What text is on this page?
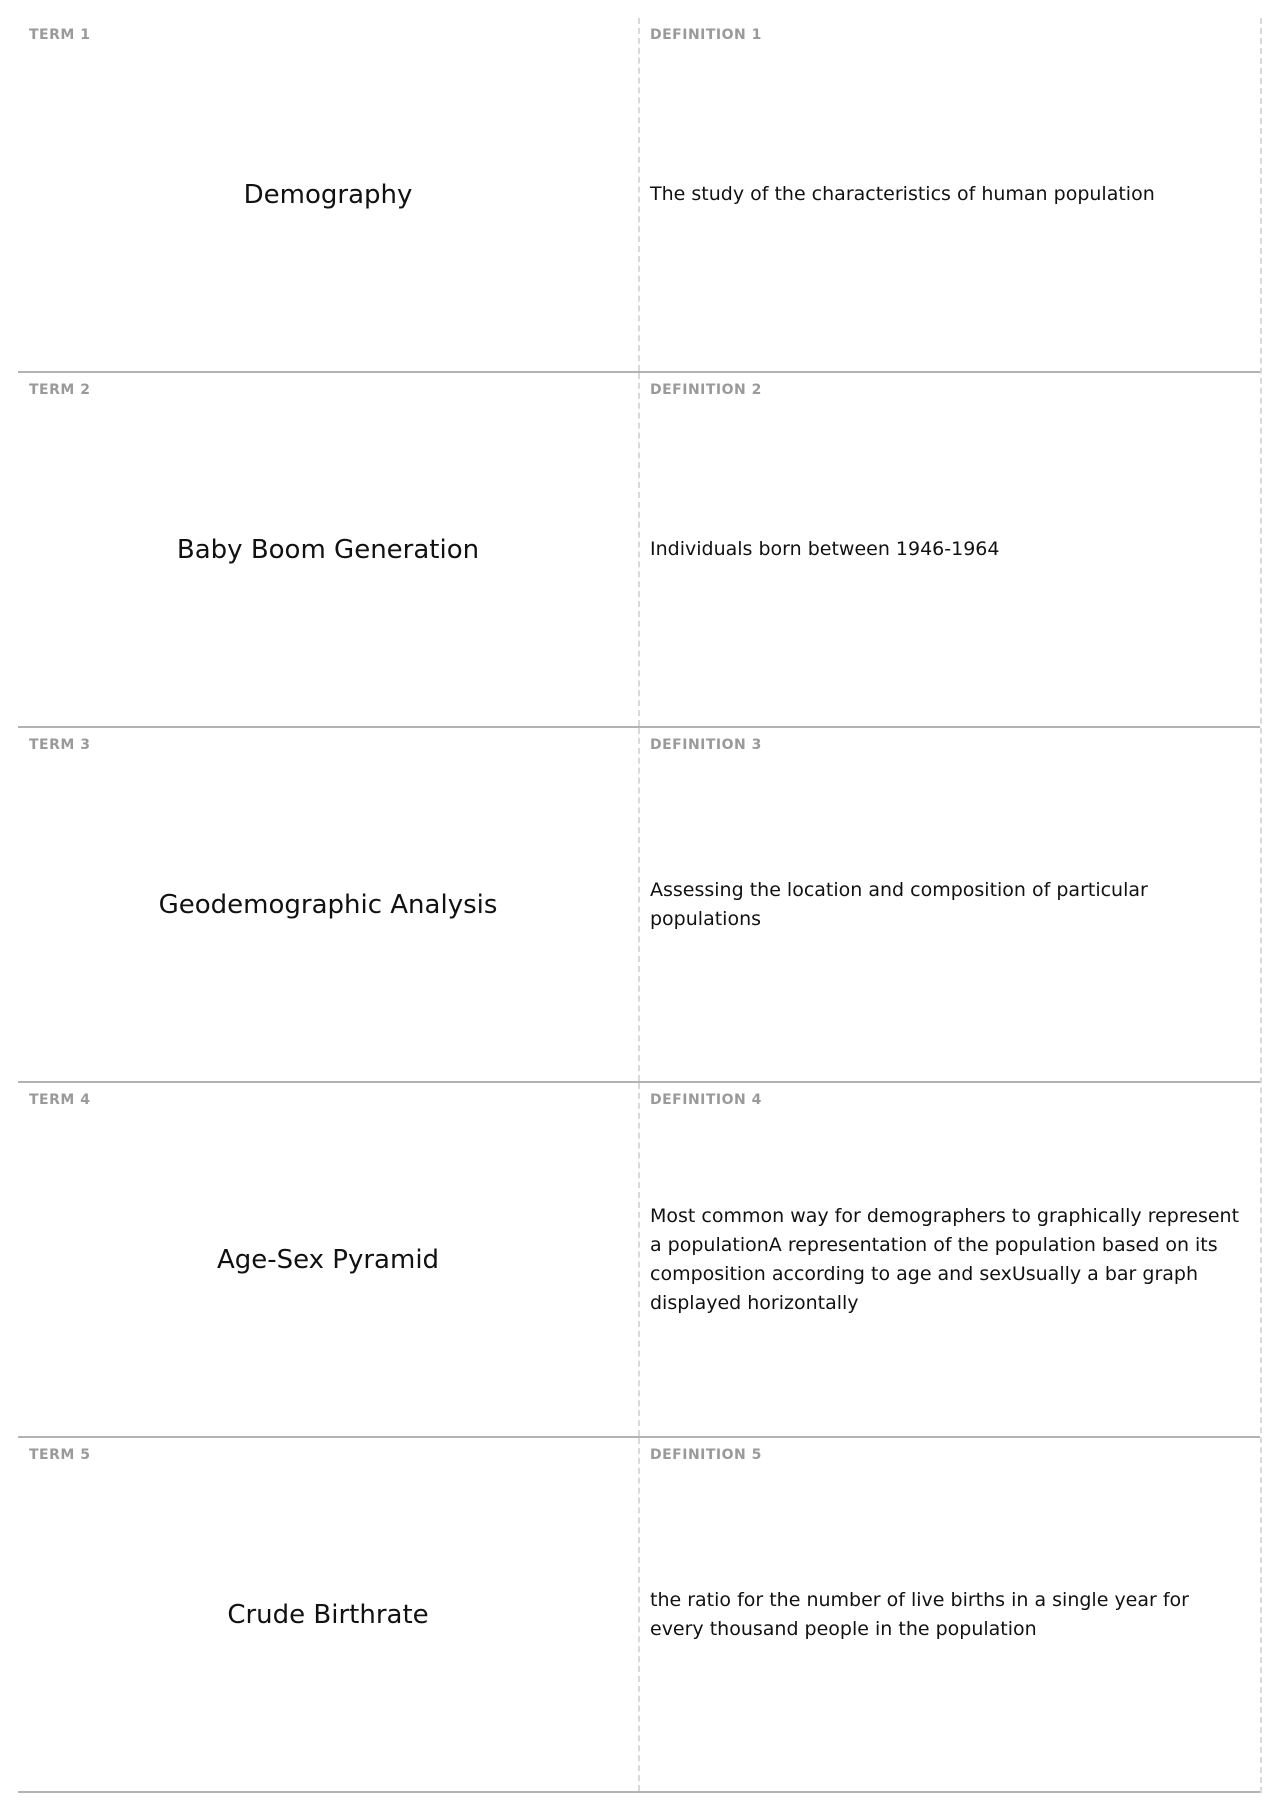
TERM 1
Demography
DEFINITION 1
The study of the characteristics of human population
TERM 2
Baby Boom Generation
DEFINITION 2
Individuals born between 1946-1964
TERM 3
Geodemographic Analysis
DEFINITION 3
Assessing the location and composition of particular populations
TERM 4
Age-Sex Pyramid
DEFINITION 4
Most common way for demographers to graphically represent a populationA representation of the population based on its composition according to age and sexUsually a bar graph displayed horizontally
TERM 5
Crude Birthrate
DEFINITION 5
the ratio for the number of live births in a single year for every thousand people in the population
